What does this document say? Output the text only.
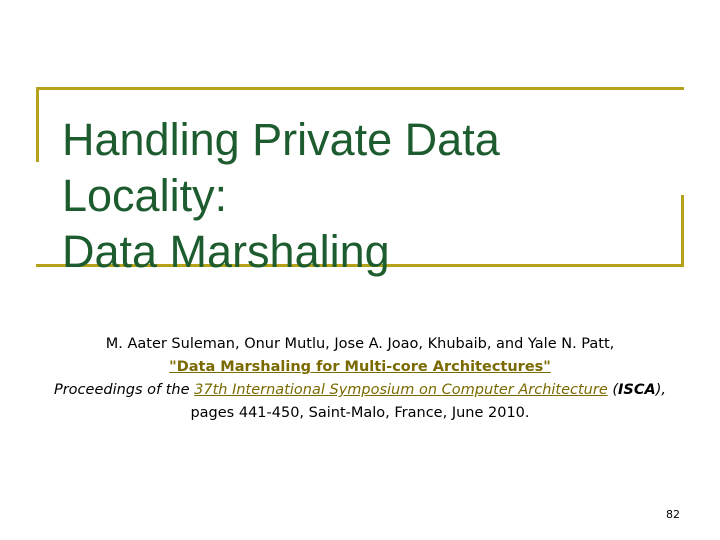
Handling Private Data
Locality:
Data Marshaling
M. Aater Suleman, Onur Mutlu, Jose A. Joao, Khubaib, and Yale N. Patt,
"Data Marshaling for Multi-core Architectures"
Proceedings of the 37th International Symposium on Computer Architecture (ISCA),
pages 441-450, Saint-Malo, France, June 2010.
82
